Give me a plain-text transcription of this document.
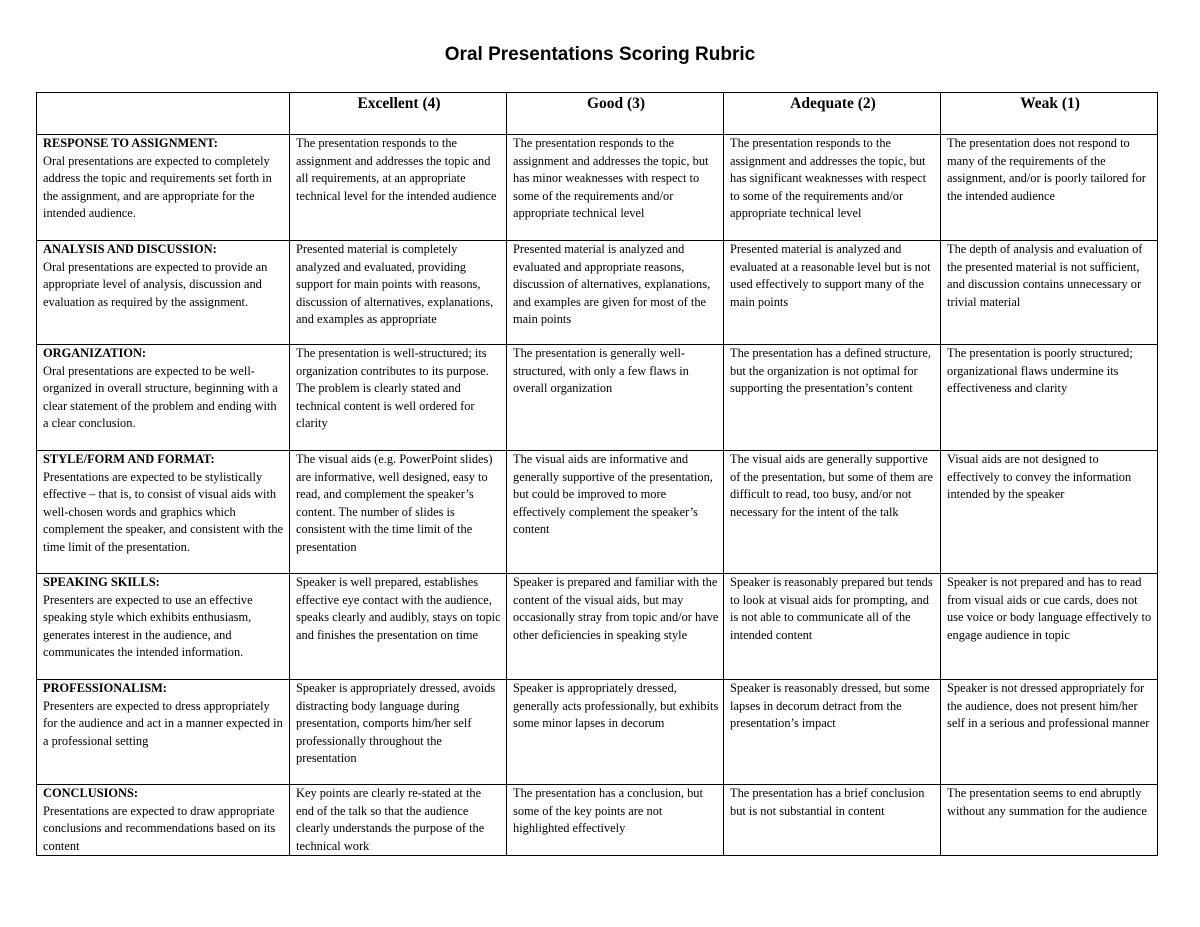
Oral Presentations Scoring Rubric
	Excellent (4)	Good (3)	Adequate (2)	Weak (1)
RESPONSE TO ASSIGNMENT:
Oral presentations are expected to completely address the topic and requirements set forth in the assignment, and are appropriate for the intended audience.	The presentation responds to the assignment and addresses the topic and all requirements, at an appropriate technical level for the intended audience	The presentation responds to the assignment and addresses the topic, but has minor weaknesses with respect to some of the requirements and/or appropriate technical level	The presentation responds to the assignment and addresses the topic, but has significant weaknesses with respect to some of the requirements and/or appropriate technical level	The presentation does not respond to many of the requirements of the assignment, and/or is poorly tailored for the intended audience

ANALYSIS AND DISCUSSION:
Oral presentations are expected to provide an appropriate level of analysis, discussion and evaluation as required by the assignment.	Presented material is completely analyzed and evaluated, providing support for main points with reasons, discussion of alternatives, explanations, and examples as appropriate	Presented material is analyzed and evaluated and appropriate reasons, discussion of alternatives, explanations, and examples are given for most of the main points	Presented material is analyzed and evaluated at a reasonable level but is not used effectively to support many of the main points	The depth of analysis and evaluation of the presented material is not sufficient, and discussion contains unnecessary or trivial material

ORGANIZATION:
Oral presentations are expected to be well-organized in overall structure, beginning with a clear statement of the problem and ending with a clear conclusion.	The presentation is well-structured; its organization contributes to its purpose. The problem is clearly stated and technical content is well ordered for clarity	The presentation is generally well-structured, with only a few flaws in overall organization	The presentation has a defined structure, but the organization is not optimal for supporting the presentation’s content	The presentation is poorly structured; organizational flaws undermine its effectiveness and clarity

STYLE/FORM AND FORMAT:
Presentations are expected to be stylistically effective – that is, to consist of visual aids with well-chosen words and graphics which complement the speaker, and consistent with the time limit of the presentation.	The visual aids (e.g. PowerPoint slides) are informative, well designed, easy to read, and complement the speaker’s content. The number of slides is consistent with the time limit of the presentation	The visual aids are informative and generally supportive of the presentation, but could be improved to more effectively complement the speaker’s content	The visual aids are generally supportive of the presentation, but some of them are difficult to read, too busy, and/or not necessary for the intent of the talk	Visual aids are not designed to effectively to convey the information intended by the speaker

SPEAKING SKILLS:
Presenters are expected to use an effective speaking style which exhibits enthusiasm, generates interest in the audience, and communicates the intended information.	Speaker is well prepared, establishes effective eye contact with the audience, speaks clearly and audibly, stays on topic and finishes the presentation on time	Speaker is prepared and familiar with the content of the visual aids, but may occasionally stray from topic and/or have other deficiencies in speaking style	Speaker is reasonably prepared but tends to look at visual aids for prompting, and is not able to communicate all of the intended content	Speaker is not prepared and has to read from visual aids or cue cards, does not use voice or body language effectively to engage audience in topic

PROFESSIONALISM:
Presenters are expected to dress appropriately for the audience and act in a manner expected in a professional setting	Speaker is appropriately dressed, avoids distracting body language during presentation, comports him/her self professionally throughout the presentation	Speaker is appropriately dressed, generally acts professionally, but exhibits some minor lapses in decorum	Speaker is reasonably dressed, but some lapses in decorum detract from the presentation’s impact	Speaker is not dressed appropriately for the audience, does not present him/her self in a serious and professional manner

CONCLUSIONS:
Presentations are expected to draw appropriate conclusions and recommendations based on its content	Key points are clearly re-stated at the end of the talk so that the audience clearly understands the purpose of the technical work	The presentation has a conclusion, but some of the key points are not highlighted effectively	The presentation has a brief conclusion but is not substantial in content	The presentation seems to end abruptly without any summation for the audience
